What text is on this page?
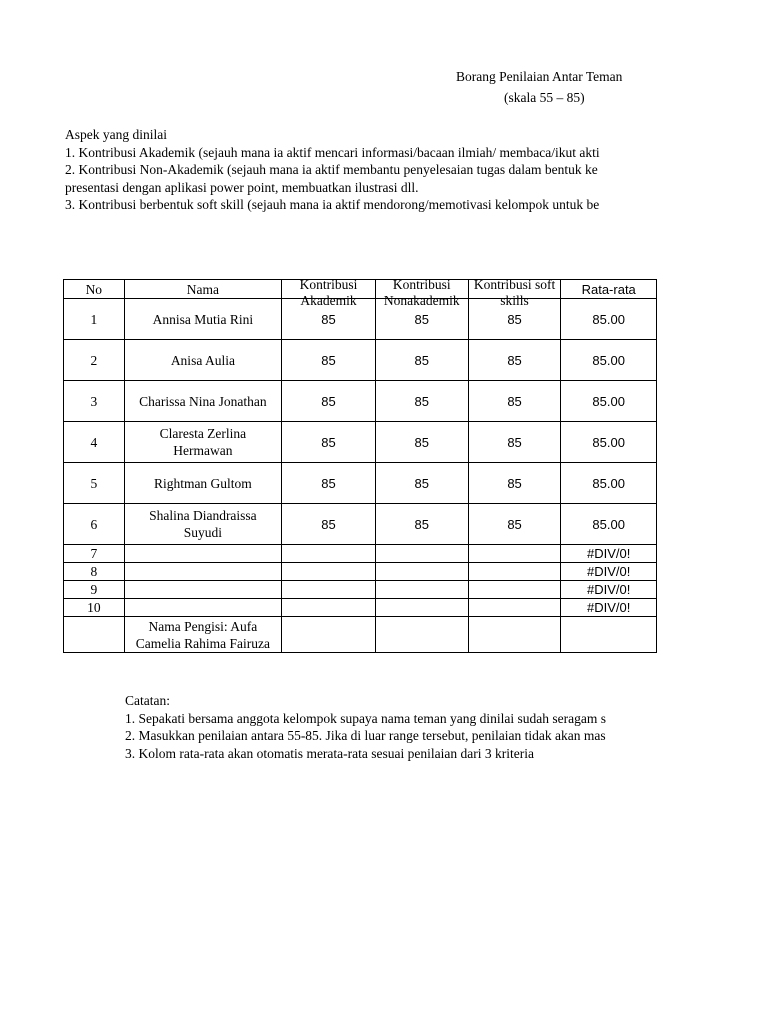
Borang Penilaian Antar Teman
(skala 55 – 85)
Aspek yang dinilai
1. Kontribusi Akademik (sejauh mana ia aktif mencari informasi/bacaan ilmiah/ membaca/ikut akti
2. Kontribusi Non-Akademik (sejauh mana ia aktif membantu penyelesaian tugas dalam bentuk ke
presentasi dengan aplikasi power point, membuatkan ilustrasi dll.
3. Kontribusi berbentuk soft skill (sejauh mana ia aktif mendorong/memotivasi kelompok untuk be
No	Nama	Kontribusi Akademik	Kontribusi Nonakademik	Kontribusi soft skills	Rata-rata
1	Annisa Mutia Rini	85	85	85	85.00
2	Anisa Aulia	85	85	85	85.00
3	Charissa Nina Jonathan	85	85	85	85.00
4	Claresta Zerlina Hermawan	85	85	85	85.00
5	Rightman Gultom	85	85	85	85.00
6	Shalina Diandraissa Suyudi	85	85	85	85.00
7					#DIV/0!
8					#DIV/0!
9					#DIV/0!
10					#DIV/0!
	Nama Pengisi: Aufa Camelia Rahima Fairuza				
Catatan:
1. Sepakati bersama anggota kelompok supaya nama teman yang dinilai sudah seragam s
2. Masukkan penilaian antara 55-85. Jika di luar range tersebut, penilaian tidak akan mas
3. Kolom rata-rata akan otomatis merata-rata sesuai penilaian dari 3 kriteria
